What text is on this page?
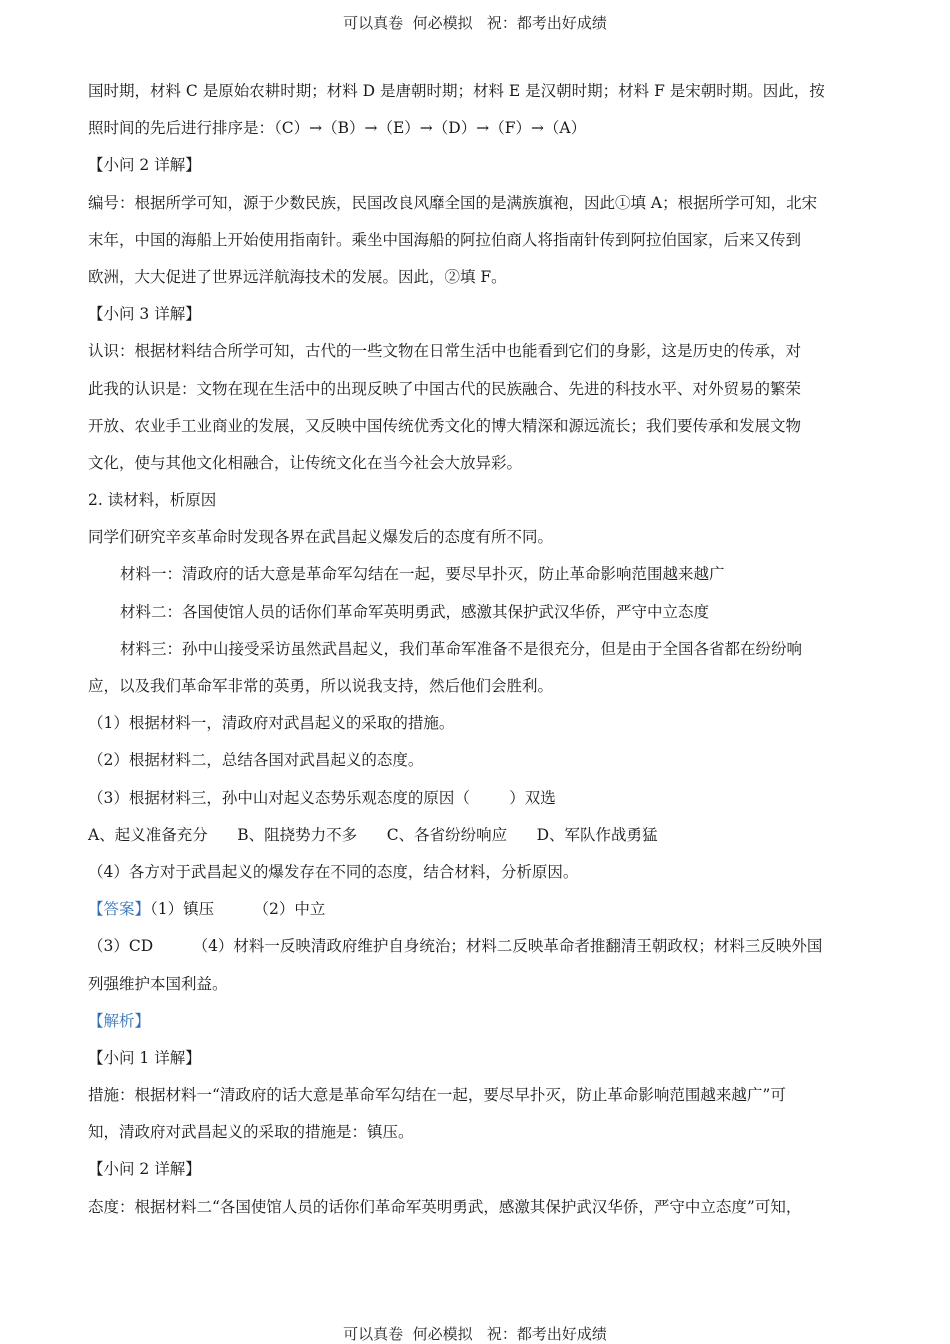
可以真卷  何必模拟   祝：都考出好成绩
国时期，材料 C 是原始农耕时期；材料 D 是唐朝时期；材料 E 是汉朝时期；材料 F 是宋朝时期。因此，按
照时间的先后进行排序是：（C）→（B）→（E）→（D）→（F）→（A）
【小问 2 详解】
编号：根据所学可知，源于少数民族，民国改良风靡全国的是满族旗袍，因此①填 A；根据所学可知，北宋
末年，中国的海船上开始使用指南针。乘坐中国海船的阿拉伯商人将指南针传到阿拉伯国家，后来又传到
欧洲，大大促进了世界远洋航海技术的发展。因此，②填 F。
【小问 3 详解】
认识：根据材料结合所学可知，古代的一些文物在日常生活中也能看到它们的身影，这是历史的传承，对
此我的认识是：文物在现在生活中的出现反映了中国古代的民族融合、先进的科技水平、对外贸易的繁荣
开放、农业手工业商业的发展，又反映中国传统优秀文化的博大精深和源远流长；我们要传承和发展文物
文化，使与其他文化相融合，让传统文化在当今社会大放异彩。
2. 读材料，析原因
同学们研究辛亥革命时发现各界在武昌起义爆发后的态度有所不同。
材料一：清政府的话大意是革命军勾结在一起，要尽早扑灭，防止革命影响范围越来越广
材料二：各国使馆人员的话你们革命军英明勇武，感激其保护武汉华侨，严守中立态度
材料三：孙中山接受采访虽然武昌起义，我们革命军准备不是很充分，但是由于全国各省都在纷纷响
应，以及我们革命军非常的英勇，所以说我支持，然后他们会胜利。
（1）根据材料一，清政府对武昌起义的采取的措施。
（2）根据材料二，总结各国对武昌起义的态度。
（3）根据材料三，孙中山对起义态势乐观态度的原因（        ）双选
A、起义准备充分      B、阻挠势力不多      C、各省纷纷响应      D、军队作战勇猛
（4）各方对于武昌起义的爆发存在不同的态度，结合材料，分析原因。
【答案】（1）镇压        （2）中立
（3）CD        （4）材料一反映清政府维护自身统治；材料二反映革命者推翻清王朝政权；材料三反映外国
列强维护本国利益。
【解析】
【小问 1 详解】
措施：根据材料一“清政府的话大意是革命军勾结在一起，要尽早扑灭，防止革命影响范围越来越广”可
知，清政府对武昌起义的采取的措施是：镇压。
【小问 2 详解】
态度：根据材料二“各国使馆人员的话你们革命军英明勇武，感激其保护武汉华侨，严守中立态度”可知，
可以真卷  何必模拟   祝：都考出好成绩
